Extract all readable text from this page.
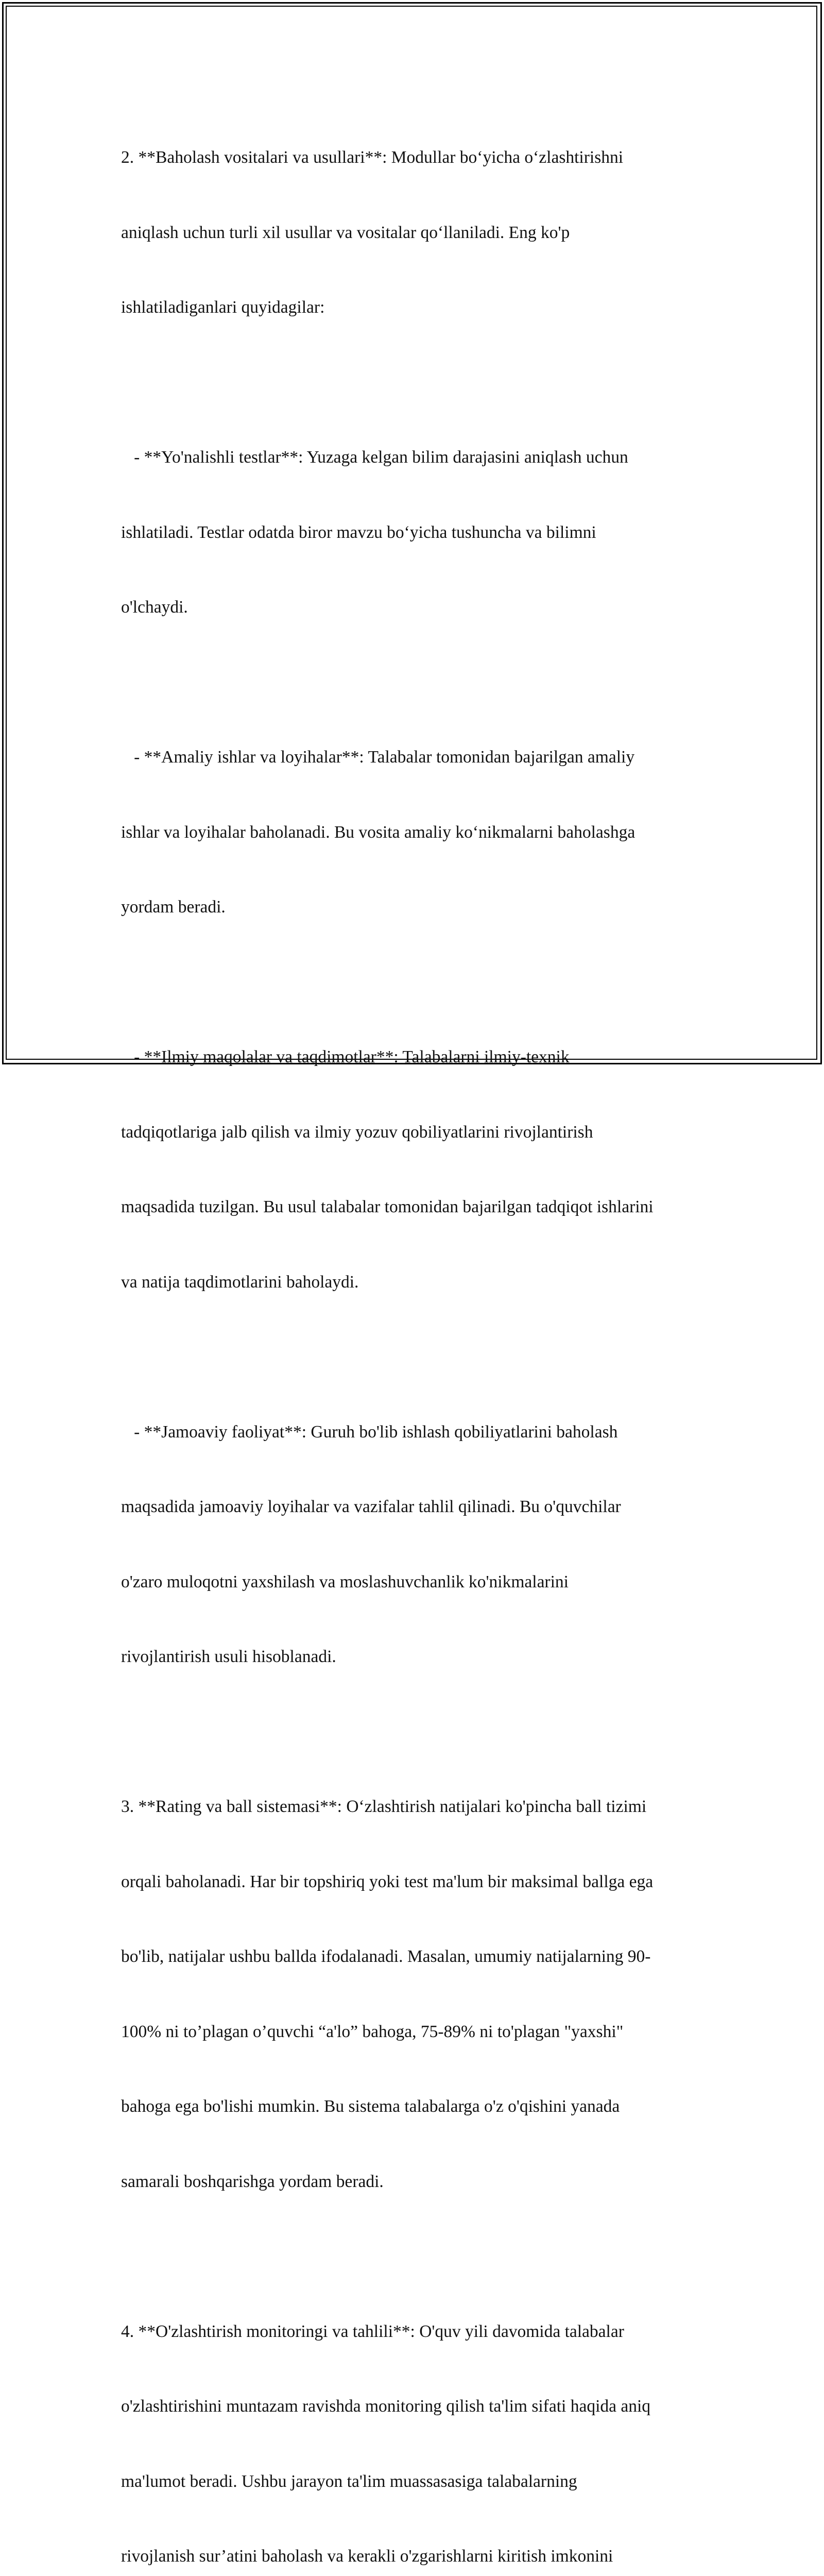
2. **Baholash vositalari va usullari**: Modullar bo‘yicha o‘zlashtirishni

aniqlash uchun turli xil usullar va vositalar qo‘llaniladi. Eng ko'p

ishlatiladiganlari quyidagilar:

- **Yo'nalishli testlar**: Yuzaga kelgan bilim darajasini aniqlash uchun

ishlatiladi. Testlar odatda biror mavzu bo‘yicha tushuncha va bilimni

o'lchaydi.

- **Amaliy ishlar va loyihalar**: Talabalar tomonidan bajarilgan amaliy

ishlar va loyihalar baholanadi. Bu vosita amaliy ko‘nikmalarni baholashga

yordam beradi.

- **Ilmiy maqolalar va taqdimotlar**: Talabalarni ilmiy-texnik

tadqiqotlariga jalb qilish va ilmiy yozuv qobiliyatlarini rivojlantirish

maqsadida tuzilgan. Bu usul talabalar tomonidan bajarilgan tadqiqot ishlarini

va natija taqdimotlarini baholaydi.

- **Jamoaviy faoliyat**: Guruh bo'lib ishlash qobiliyatlarini baholash

maqsadida jamoaviy loyihalar va vazifalar tahlil qilinadi. Bu o'quvchilar

o'zaro muloqotni yaxshilash va moslashuvchanlik ko'nikmalarini

rivojlantirish usuli hisoblanadi.

3. **Rating va ball sistemasi**: O‘zlashtirish natijalari ko'pincha ball tizimi

orqali baholanadi. Har bir topshiriq yoki test ma'lum bir maksimal ballga ega

bo'lib, natijalar ushbu ballda ifodalanadi. Masalan, umumiy natijalarning 90-

100% ni to’plagan o’quvchi “a'lo” bahoga, 75-89% ni to'plagan "yaxshi"

bahoga ega bo'lishi mumkin. Bu sistema talabalarga o'z o'qishini yanada

samarali boshqarishga yordam beradi.

4. **O'zlashtirish monitoringi va tahlili**: O'quv yili davomida talabalar

o'zlashtirishini muntazam ravishda monitoring qilish ta'lim sifati haqida aniq

ma'lumot beradi. Ushbu jarayon ta'lim muassasasiga talabalarning

rivojlanish sur’atini baholash va kerakli o'zgarishlarni kiritish imkonini
